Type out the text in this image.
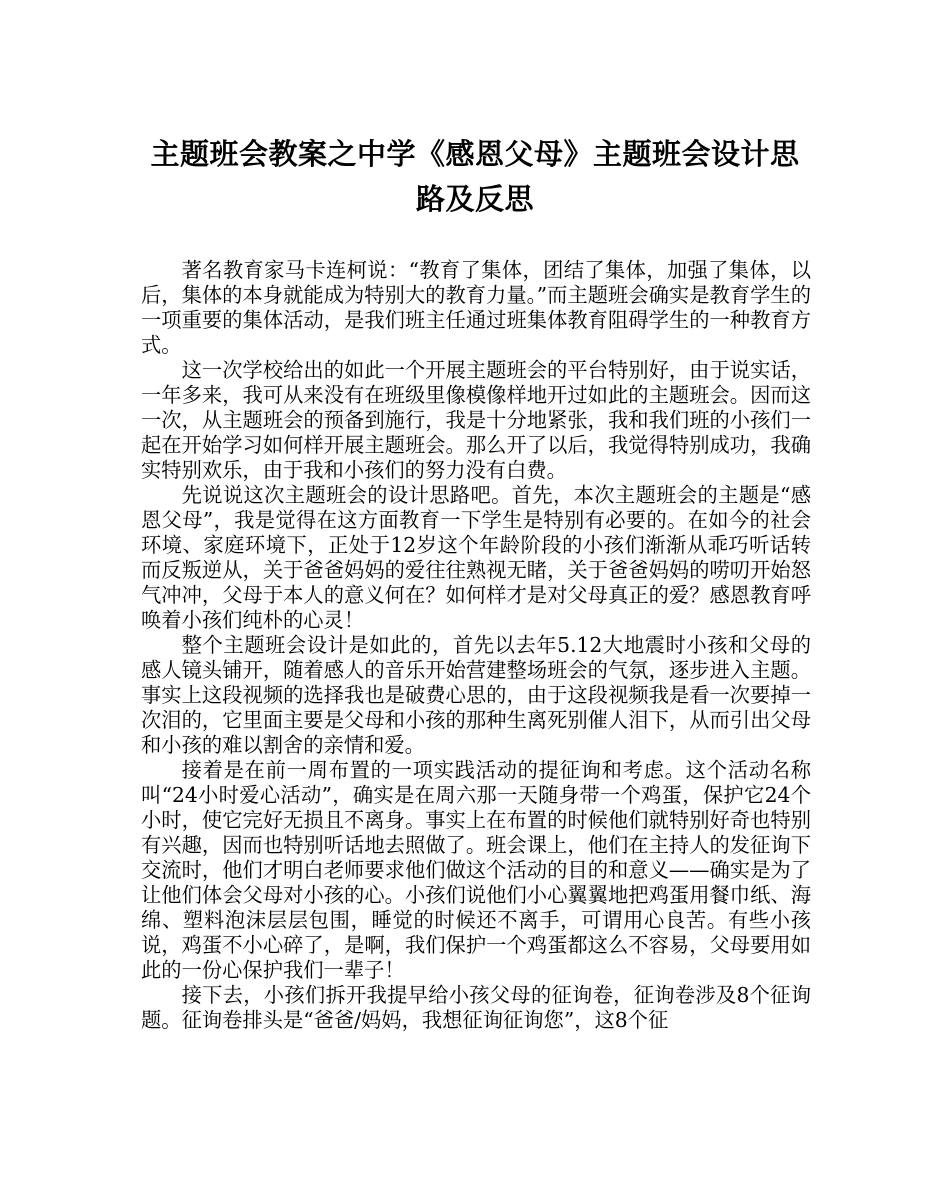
主题班会教案之中学《感恩父母》主题班会设计思路及反思

著名教育家马卡连柯说：“教育了集体，团结了集体，加强了集体，以后，集体的本身就能成为特别大的教育力量。”而主题班会确实是教育学生的一项重要的集体活动，是我们班主任通过班集体教育阻碍学生的一种教育方式。

这一次学校给出的如此一个开展主题班会的平台特别好，由于说实话，一年多来，我可从来没有在班级里像模像样地开过如此的主题班会。因而这一次，从主题班会的预备到施行，我是十分地紧张，我和我们班的小孩们一起在开始学习如何样开展主题班会。那么开了以后，我觉得特别成功，我确实特别欢乐，由于我和小孩们的努力没有白费。

先说说这次主题班会的设计思路吧。首先，本次主题班会的主题是“感恩父母”，我是觉得在这方面教育一下学生是特别有必要的。在如今的社会环境、家庭环境下，正处于12岁这个年龄阶段的小孩们渐渐从乖巧听话转而反叛逆从，关于爸爸妈妈的爱往往熟视无睹，关于爸爸妈妈的唠叨开始怒气冲冲，父母于本人的意义何在？如何样才是对父母真正的爱？感恩教育呼唤着小孩们纯朴的心灵！

整个主题班会设计是如此的，首先以去年5.12大地震时小孩和父母的感人镜头铺开，随着感人的音乐开始营建整场班会的气氛，逐步进入主题。事实上这段视频的选择我也是破费心思的，由于这段视频我是看一次要掉一次泪的，它里面主要是父母和小孩的那种生离死别催人泪下，从而引出父母和小孩的难以割舍的亲情和爱。

接着是在前一周布置的一项实践活动的提征询和考虑。这个活动名称叫“24小时爱心活动”，确实是在周六那一天随身带一个鸡蛋，保护它24个小时，使它完好无损且不离身。事实上在布置的时候他们就特别好奇也特别有兴趣，因而也特别听话地去照做了。班会课上，他们在主持人的发征询下交流时，他们才明白老师要求他们做这个活动的目的和意义——确实是为了让他们体会父母对小孩的心。小孩们说他们小心翼翼地把鸡蛋用餐巾纸、海绵、塑料泡沫层层包围，睡觉的时候还不离手，可谓用心良苦。有些小孩说，鸡蛋不小心碎了，是啊，我们保护一个鸡蛋都这么不容易，父母要用如此的一份心保护我们一辈子！

接下去，小孩们拆开我提早给小孩父母的征询卷，征询卷涉及8个征询题。征询卷排头是“爸爸/妈妈，我想征询征询您”，这8个征
